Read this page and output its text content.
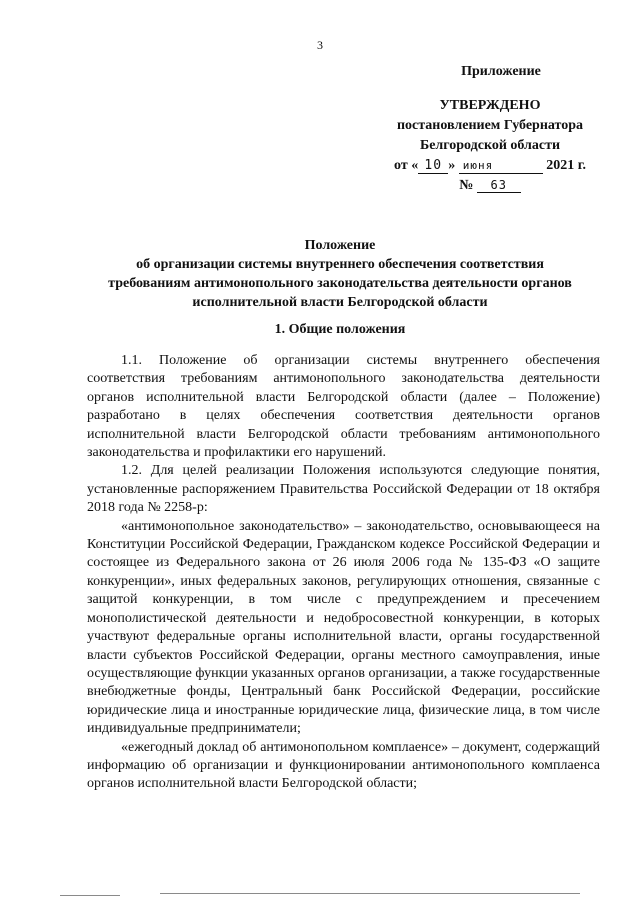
3
Приложение
УТВЕРЖДЕНО
постановлением Губернатора
Белгородской области
от « 10 » июня	2021 г.
№ 63
Положение
об организации системы внутреннего обеспечения соответствия
требованиям антимонопольного законодательства деятельности органов
исполнительной власти Белгородской области
1. Общие положения

1.1. Положение об организации системы внутреннего обеспечения соответствия требованиям антимонопольного законодательства деятельности органов исполнительной власти Белгородской области (далее – Положение) разработано в целях обеспечения соответствия деятельности органов исполнительной власти Белгородской области требованиям антимонопольного законодательства и профилактики его нарушений.

1.2. Для целей реализации Положения используются следующие понятия, установленные распоряжением Правительства Российской Федерации от 18 октября 2018 года № 2258-р:

«антимонопольное законодательство» – законодательство, основывающееся на Конституции Российской Федерации, Гражданском кодексе Российской Федерации и состоящее из Федерального закона от 26 июля 2006 года № 135-ФЗ «О защите конкуренции», иных федеральных законов, регулирующих отношения, связанные с защитой конкуренции, в том числе с предупреждением и пресечением монополистической деятельности и недобросовестной конкуренции, в которых участвуют федеральные органы исполнительной власти, органы государственной власти субъектов Российской Федерации, органы местного самоуправления, иные осуществляющие функции указанных органов организации, а также государственные внебюджетные фонды, Центральный банк Российской Федерации, российские юридические лица и иностранные юридические лица, физические лица, в том числе индивидуальные предприниматели;

«ежегодный доклад об антимонопольном комплаенсе» – документ, содержащий информацию об организации и функционировании антимонопольного комплаенса органов исполнительной власти Белгородской области;
